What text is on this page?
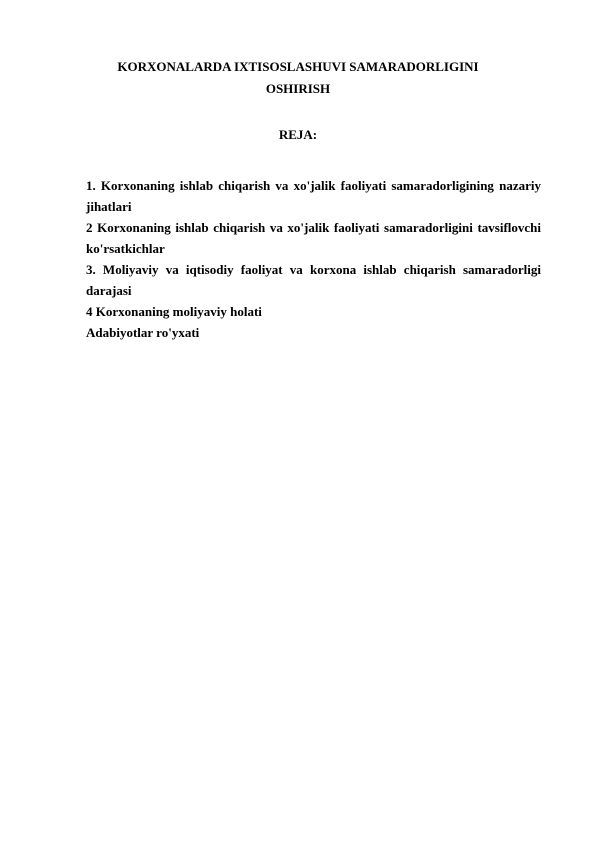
KORXONALARDA IXTISOSLASHUVI SAMARADORLIGINI
OSHIRISH
REJA:
1. Korxonaning ishlab chiqarish va xo'jalik faoliyati samaradorligining nazariy jihatlari
2 Korxonaning ishlab chiqarish va xo'jalik faoliyati samaradorligini tavsiflovchi ko'rsatkichlar
3. Moliyaviy va iqtisodiy faoliyat va korxona ishlab chiqarish samaradorligi darajasi
4 Korxonaning moliyaviy holati
Adabiyotlar ro'yxati
